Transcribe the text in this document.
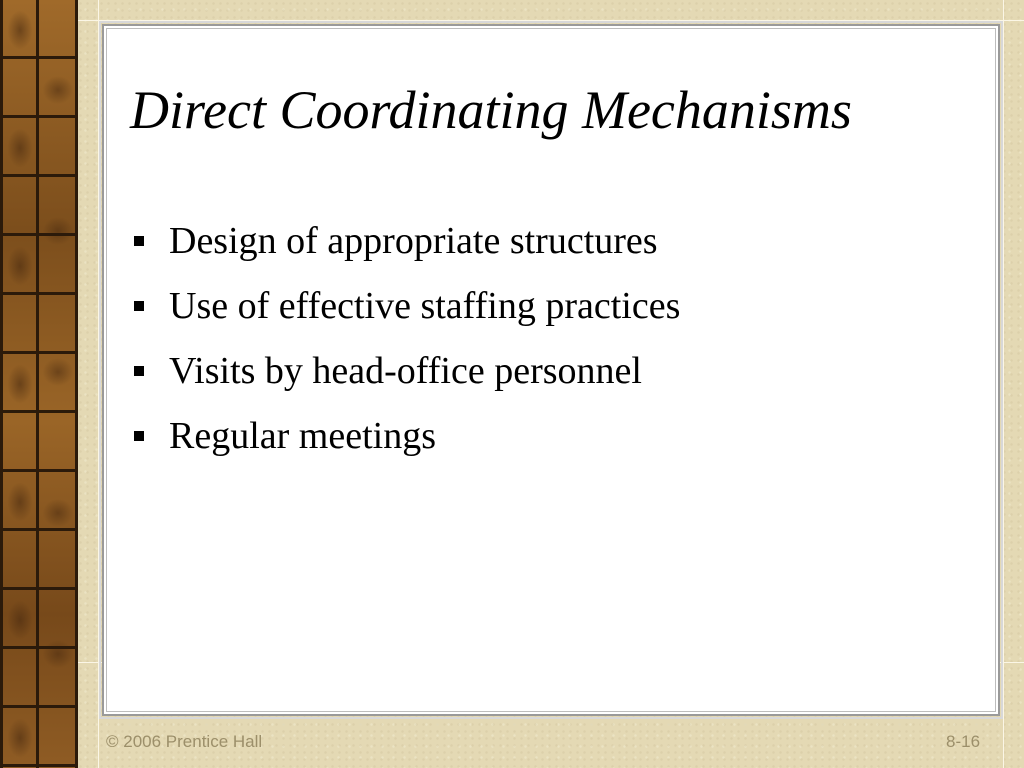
Direct Coordinating Mechanisms
Design of appropriate structures
Use of effective staffing practices
Visits by head-office personnel
Regular meetings
© 2006 Prentice Hall	8-16
